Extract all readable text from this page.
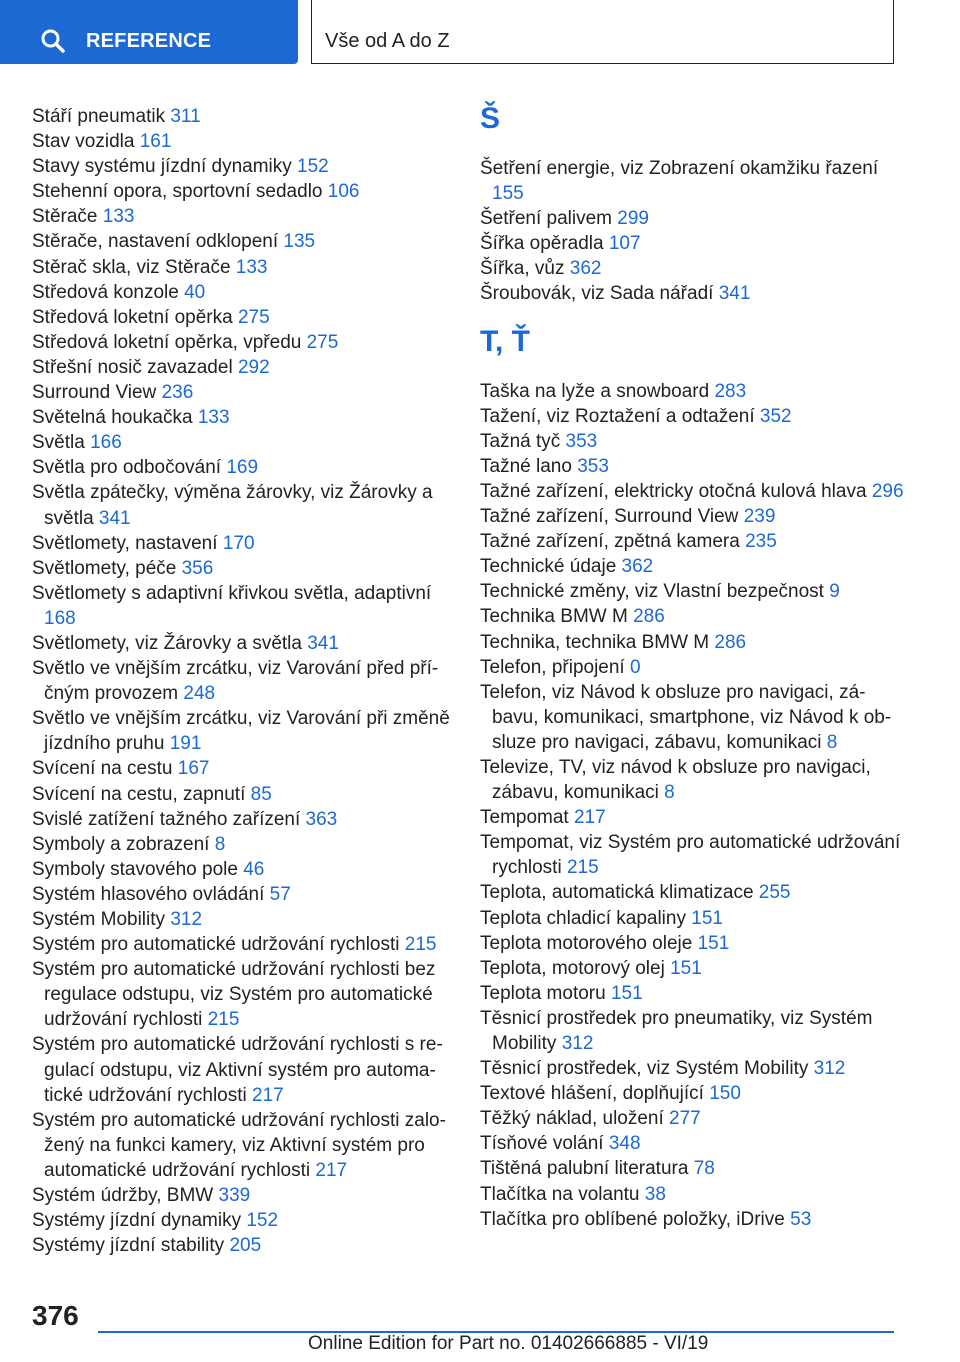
REFERENCE	Vše od A do Z
Stáří pneumatik 311
Stav vozidla 161
Stavy systému jízdní dynamiky 152
Stehenní opora, sportovní sedadlo 106
Stěrače 133
Stěrače, nastavení odklopení 135
Stěrač skla, viz Stěrače 133
Středová konzole 40
Středová loketní opěrka 275
Středová loketní opěrka, vpředu 275
Střešní nosič zavazadel 292
Surround View 236
Světelná houkačka 133
Světla 166
Světla pro odbočování 169
Světla zpátečky, výměna žárovky, viz Žárovky a světla 341
Světlomety, nastavení 170
Světlomety, péče 356
Světlomety s adaptivní křivkou světla, adaptivní 168
Světlomety, viz Žárovky a světla 341
Světlo ve vnějším zrcátku, viz Varování před příčným provozem 248
Světlo ve vnějším zrcátku, viz Varování při změně jízdního pruhu 191
Svícení na cestu 167
Svícení na cestu, zapnutí 85
Svislé zatížení tažného zařízení 363
Symboly a zobrazení 8
Symboly stavového pole 46
Systém hlasového ovládání 57
Systém Mobility 312
Systém pro automatické udržování rychlosti 215
Systém pro automatické udržování rychlosti bez regulace odstupu, viz Systém pro automatické udržování rychlosti 215
Systém pro automatické udržování rychlosti s regulací odstupu, viz Aktivní systém pro automatické udržování rychlosti 217
Systém pro automatické udržování rychlosti založený na funkci kamery, viz Aktivní systém pro automatické udržování rychlosti 217
Systém údržby, BMW 339
Systémy jízdní dynamiky 152
Systémy jízdní stability 205
Š
Šetření energie, viz Zobrazení okamžiku řazení 155
Šetření palivem 299
Šířka opěradla 107
Šířka, vůz 362
Šroubovák, viz Sada nářadí 341
T, Ť
Taška na lyže a snowboard 283
Tažení, viz Roztažení a odtažení 352
Tažná tyč 353
Tažné lano 353
Tažné zařízení, elektricky otočná kulová hlava 296
Tažné zařízení, Surround View 239
Tažné zařízení, zpětná kamera 235
Technické údaje 362
Technické změny, viz Vlastní bezpečnost 9
Technika BMW M 286
Technika, technika BMW M 286
Telefon, připojení 0
Telefon, viz Návod k obsluze pro navigaci, zábavu, komunikaci, smartphone, viz Návod k obsluze pro navigaci, zábavu, komunikaci 8
Televize, TV, viz návod k obsluze pro navigaci, zábavu, komunikaci 8
Tempomat 217
Tempomat, viz Systém pro automatické udržování rychlosti 215
Teplota, automatická klimatizace 255
Teplota chladicí kapaliny 151
Teplota motorového oleje 151
Teplota, motorový olej 151
Teplota motoru 151
Těsnicí prostředek pro pneumatiky, viz Systém Mobility 312
Těsnicí prostředek, viz Systém Mobility 312
Textové hlášení, doplňující 150
Těžký náklad, uložení 277
Tísňové volání 348
Tištěná palubní literatura 78
Tlačítka na volantu 38
Tlačítka pro oblíbené položky, iDrive 53
376
Online Edition for Part no. 01402666885 - VI/19
